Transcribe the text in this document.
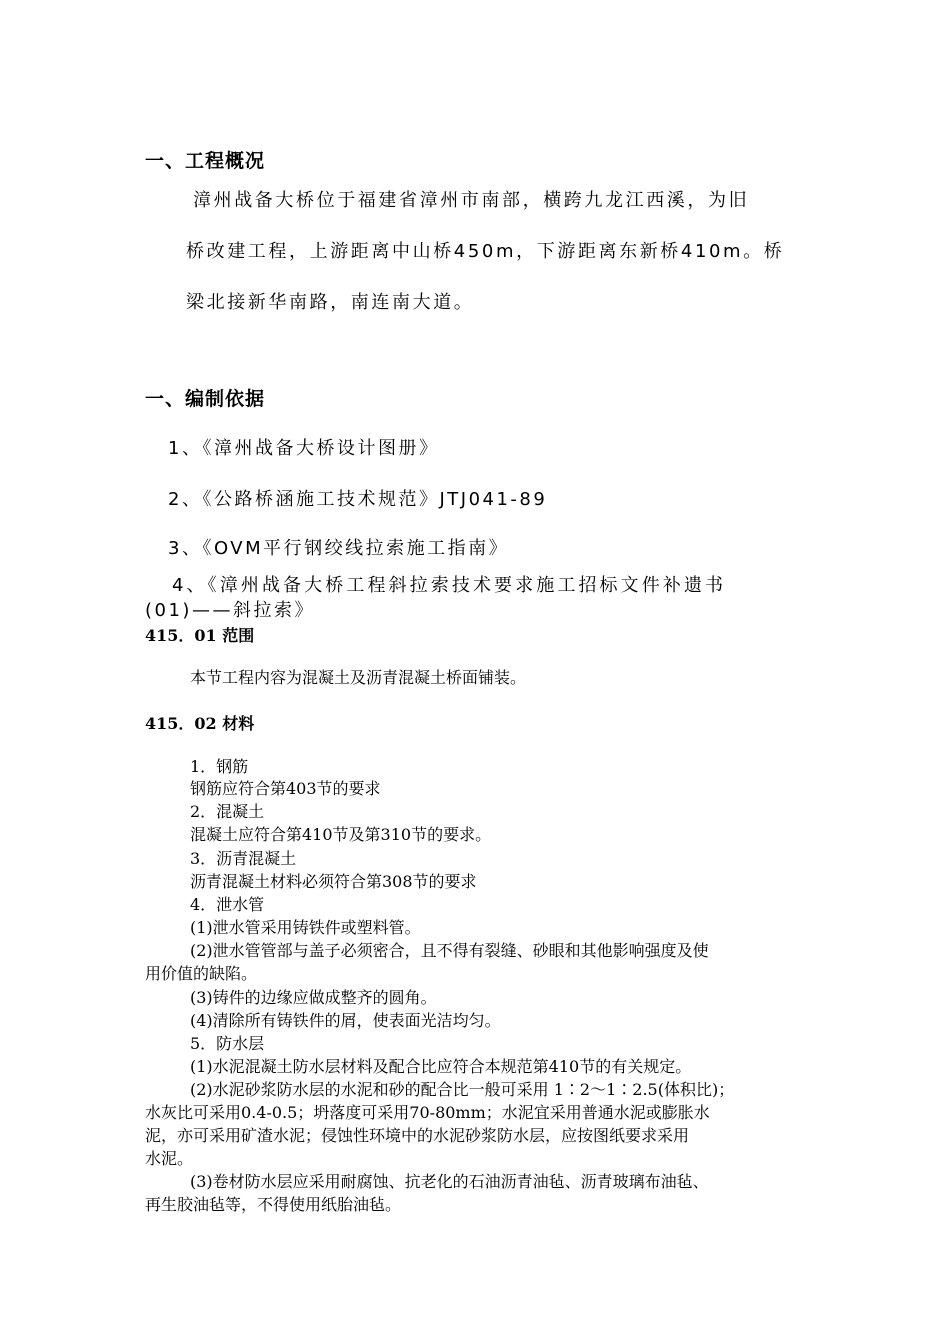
一、工程概况
漳州战备大桥位于福建省漳州市南部，横跨九龙江西溪，为旧
桥改建工程，上游距离中山桥450m，下游距离东新桥410m。桥
梁北接新华南路，南连南大道。
一、编制依据
1、《漳州战备大桥设计图册》
2、《公路桥涵施工技术规范》JTJ041-89
3、《OVM平行钢绞线拉索施工指南》
4、《漳州战备大桥工程斜拉索技术要求施工招标文件补遗书
(01)——斜拉索》
415．01 范围
本节工程内容为混凝土及沥青混凝土桥面铺装。
415．02 材料
1．钢筋
钢筋应符合第403节的要求
2．混凝土
混凝土应符合第410节及第310节的要求。
3．沥青混凝土
沥青混凝土材料必须符合第308节的要求
4．泄水管
(1)泄水管采用铸铁件或塑料管。
(2)泄水管管部与盖子必须密合，且不得有裂缝、砂眼和其他影响强度及使
用价值的缺陷。
(3)铸件的边缘应做成整齐的圆角。
(4)清除所有铸铁件的屑，使表面光洁均匀。
5．防水层
(1)水泥混凝土防水层材料及配合比应符合本规范第410节的有关规定。
(2)水泥砂浆防水层的水泥和砂的配合比一般可采用 1∶2～1∶2.5(体积比)；
水灰比可采用0.4-0.5；坍落度可采用70-80mm；水泥宜采用普通水泥或膨胀水
泥，亦可采用矿渣水泥；侵蚀性环境中的水泥砂浆防水层，应按图纸要求采用
水泥。
(3)卷材防水层应采用耐腐蚀、抗老化的石油沥青油毡、沥青玻璃布油毡、
再生胶油毡等，不得使用纸胎油毡。
